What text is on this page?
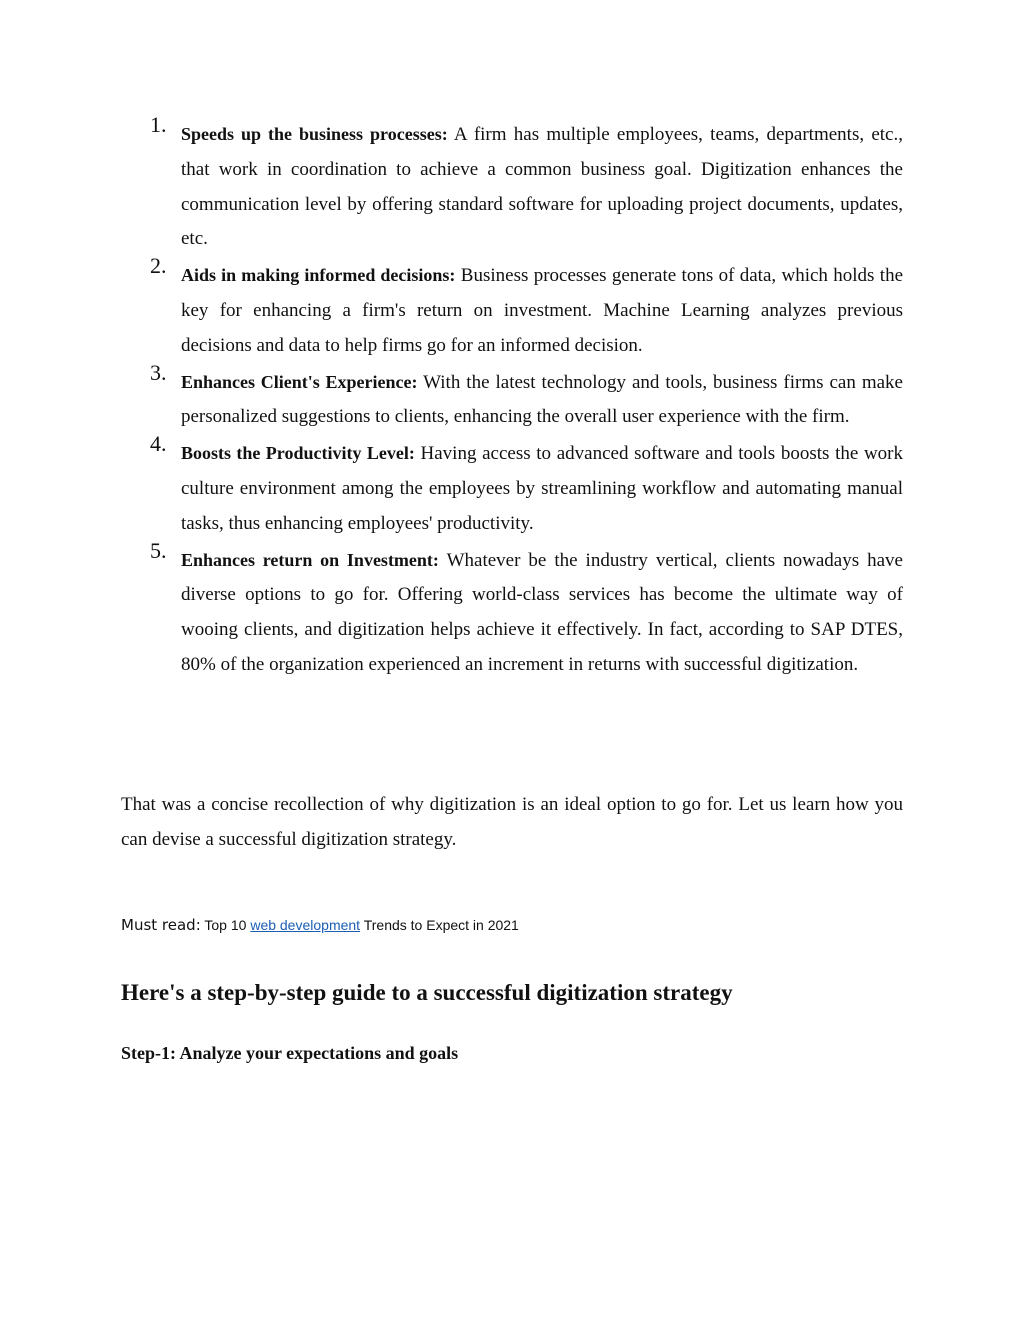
1. Speeds up the business processes: A firm has multiple employees, teams, departments, etc., that work in coordination to achieve a common business goal. Digitization enhances the communication level by offering standard software for uploading project documents, updates, etc.
2. Aids in making informed decisions: Business processes generate tons of data, which holds the key for enhancing a firm's return on investment. Machine Learning analyzes previous decisions and data to help firms go for an informed decision.
3. Enhances Client's Experience: With the latest technology and tools, business firms can make personalized suggestions to clients, enhancing the overall user experience with the firm.
4. Boosts the Productivity Level: Having access to advanced software and tools boosts the work culture environment among the employees by streamlining workflow and automating manual tasks, thus enhancing employees' productivity.
5. Enhances return on Investment: Whatever be the industry vertical, clients nowadays have diverse options to go for. Offering world-class services has become the ultimate way of wooing clients, and digitization helps achieve it effectively. In fact, according to SAP DTES, 80% of the organization experienced an increment in returns with successful digitization.

That was a concise recollection of why digitization is an ideal option to go for. Let us learn how you can devise a successful digitization strategy.

Must read: Top 10 web development Trends to Expect in 2021

Here's a step-by-step guide to a successful digitization strategy
Step-1: Analyze your expectations and goals
